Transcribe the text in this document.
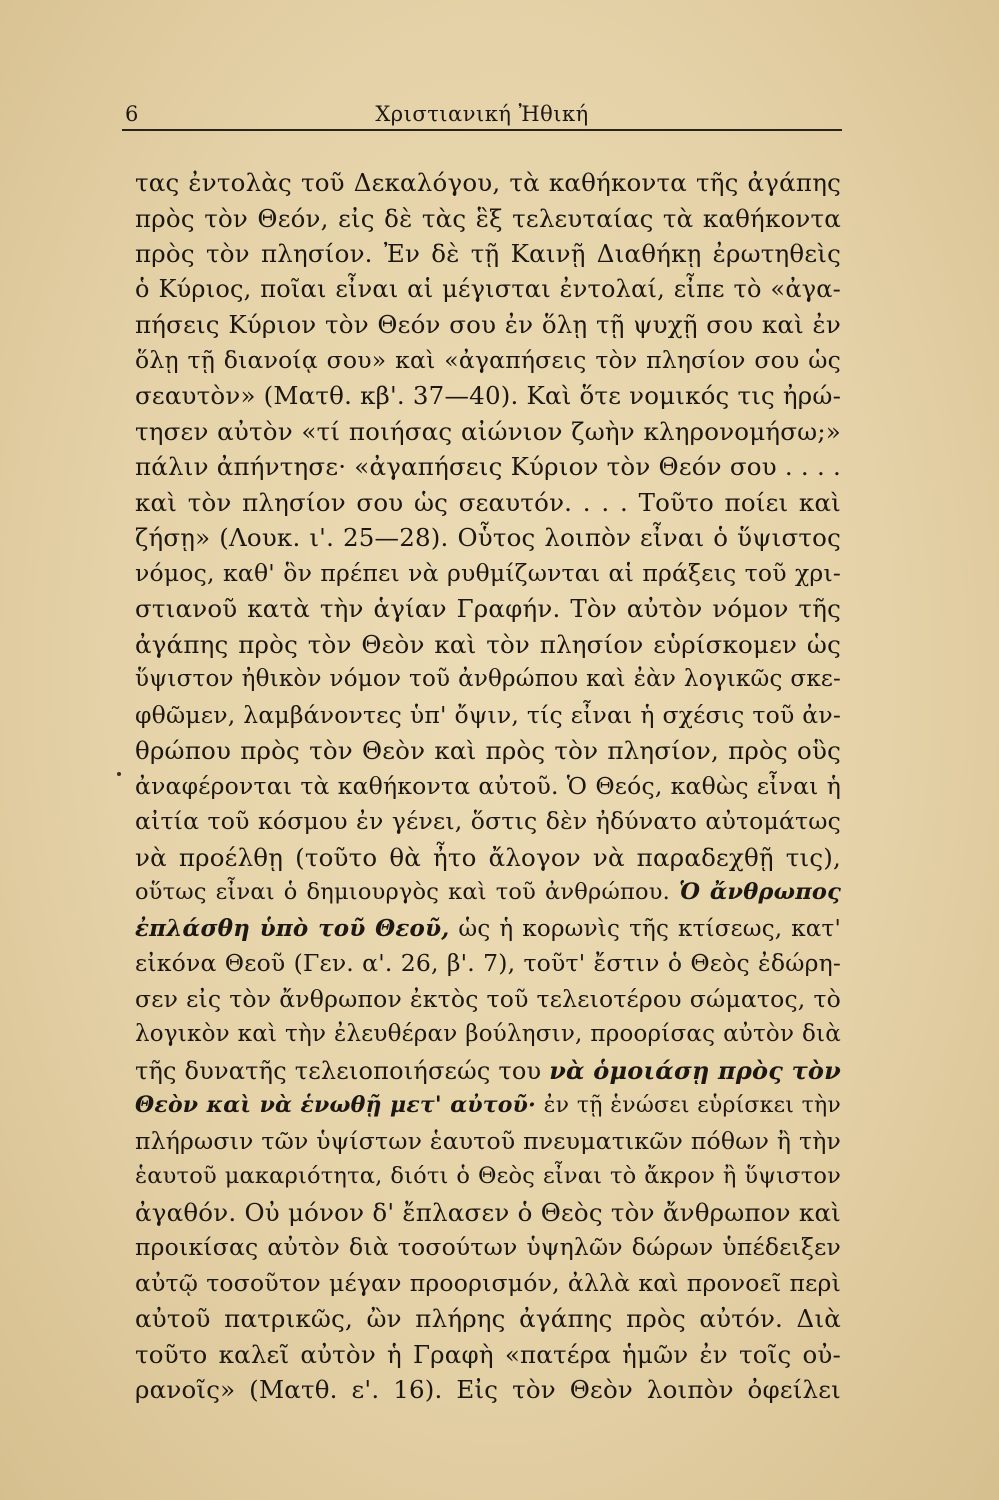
6	Χριστιανική Ἠθική
τας ἐντολὰς τοῦ Δεκαλόγου, τὰ καθήκοντα τῆς ἀγάπης
πρὸς τὸν Θεόν, εἰς δὲ τὰς ἓξ τελευταίας τὰ καθήκοντα
πρὸς τὸν πλησίον. Ἐν δὲ τῇ Καινῇ Διαθήκῃ ἐρωτηθεὶς
ὁ Κύριος, ποῖαι εἶναι αἱ μέγισται ἐντολαί, εἶπε τὸ «ἀγα-
πήσεις Κύριον τὸν Θεόν σου ἐν ὅλῃ τῇ ψυχῇ σου καὶ ἐν
ὅλῃ τῇ διανοίᾳ σου» καὶ «ἀγαπήσεις τὸν πλησίον σου ὡς
σεαυτὸν» (Ματθ. κβ'. 37—40). Καὶ ὅτε νομικός τις ἠρώ-
τησεν αὐτὸν «τί ποιήσας αἰώνιον ζωὴν κληρονομήσω;»
πάλιν ἀπήντησε· «ἀγαπήσεις Κύριον τὸν Θεόν σου . . . .
καὶ τὸν πλησίον σου ὡς σεαυτόν. . . . Τοῦτο ποίει καὶ
ζήσῃ» (Λουκ. ι'. 25—28). Οὗτος λοιπὸν εἶναι ὁ ὕψιστος
νόμος, καθ' ὃν πρέπει νὰ ρυθμίζωνται αἱ πράξεις τοῦ χρι-
στιανοῦ κατὰ τὴν ἁγίαν Γραφήν. Τὸν αὐτὸν νόμον τῆς
ἀγάπης πρὸς τὸν Θεὸν καὶ τὸν πλησίον εὑρίσκομεν ὡς
ὕψιστον ἠθικὸν νόμον τοῦ ἀνθρώπου καὶ ἐὰν λογικῶς σκε-
φθῶμεν, λαμβάνοντες ὑπ' ὄψιν, τίς εἶναι ἡ σχέσις τοῦ ἀν-
θρώπου πρὸς τὸν Θεὸν καὶ πρὸς τὸν πλησίον, πρὸς οὓς
ἀναφέρονται τὰ καθήκοντα αὐτοῦ. Ὁ Θεός, καθὼς εἶναι ἡ
αἰτία τοῦ κόσμου ἐν γένει, ὅστις δὲν ἠδύνατο αὐτομάτως
νὰ προέλθῃ (τοῦτο θὰ ἦτο ἄλογον νὰ παραδεχθῇ τις),
οὕτως εἶναι ὁ δημιουργὸς καὶ τοῦ ἀνθρώπου. Ὁ ἄνθρωπος
ἐπλάσθη ὑπὸ τοῦ Θεοῦ, ὡς ἡ κορωνὶς τῆς κτίσεως, κατ'
εἰκόνα Θεοῦ (Γεν. α'. 26, β'. 7), τοῦτ' ἔστιν ὁ Θεὸς ἐδώρη-
σεν εἰς τὸν ἄνθρωπον ἐκτὸς τοῦ τελειοτέρου σώματος, τὸ
λογικὸν καὶ τὴν ἐλευθέραν βούλησιν, προορίσας αὐτὸν διὰ
τῆς δυνατῆς τελειοποιήσεώς του νὰ ὁμοιάσῃ πρὸς τὸν
Θεὸν καὶ νὰ ἑνωθῇ μετ' αὐτοῦ· ἐν τῇ ἑνώσει εὑρίσκει τὴν
πλήρωσιν τῶν ὑψίστων ἑαυτοῦ πνευματικῶν πόθων ἢ τὴν
ἑαυτοῦ μακαριότητα, διότι ὁ Θεὸς εἶναι τὸ ἄκρον ἢ ὕψιστον
ἀγαθόν. Οὐ μόνον δ' ἔπλασεν ὁ Θεὸς τὸν ἄνθρωπον καὶ
προικίσας αὐτὸν διὰ τοσούτων ὑψηλῶν δώρων ὑπέδειξεν
αὐτῷ τοσοῦτον μέγαν προορισμόν, ἀλλὰ καὶ προνοεῖ περὶ
αὐτοῦ πατρικῶς, ὢν πλήρης ἀγάπης πρὸς αὐτόν. Διὰ
τοῦτο καλεῖ αὐτὸν ἡ Γραφὴ «πατέρα ἡμῶν ἐν τοῖς οὐ-
ρανοῖς» (Ματθ. ε'. 16). Εἰς τὸν Θεὸν λοιπὸν ὀφείλει
